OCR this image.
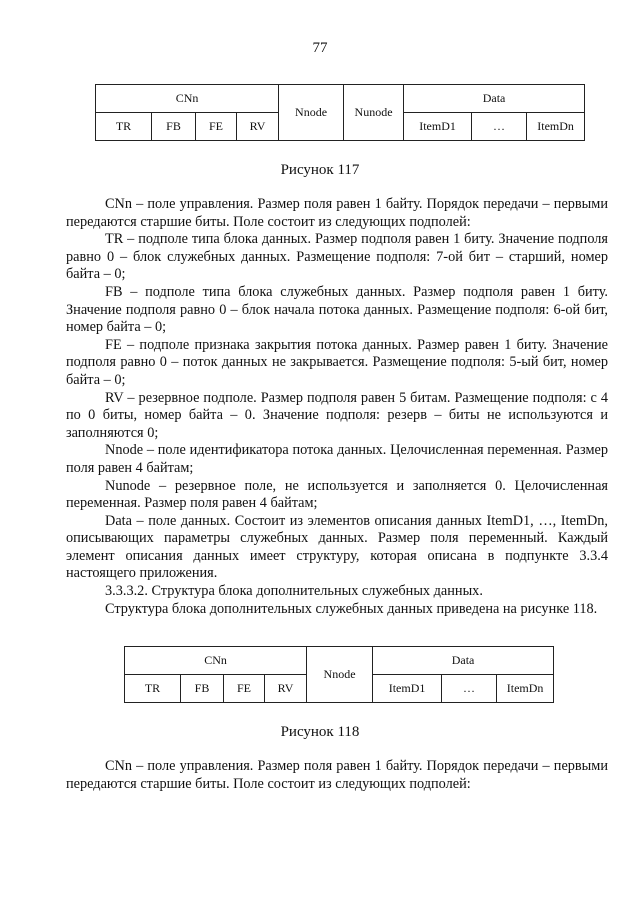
77
CNn				Nnode	Nunode	Data		
TR	FB	FE	RV			ItemD1	…	ItemDn
Рисунок 117

CNn – поле управления. Размер поля равен 1 байту. Порядок передачи – первыми передаются старшие биты. Поле состоит из следующих подполей:

TR – подполе типа блока данных. Размер подполя равен 1 биту. Значение подполя равно 0 – блок служебных данных. Размещение подполя: 7-ой бит – старший, номер байта – 0;

FB – подполе типа блока служебных данных. Размер подполя равен 1 биту. Значение подполя равно 0 – блок начала потока данных. Размещение подполя: 6-ой бит, номер байта – 0;

FE – подполе признака закрытия потока данных. Размер равен 1 биту. Значение подполя равно 0 – поток данных не закрывается. Размещение подполя: 5-ый бит, номер байта – 0;

RV – резервное подполе. Размер подполя равен 5 битам. Размещение подполя: с 4 по 0 биты, номер байта – 0. Значение подполя: резерв – биты не используются и заполняются 0;

Nnode – поле идентификатора потока данных. Целочисленная переменная. Размер поля равен 4 байтам;

Nunode – резервное поле, не используется и заполняется 0. Целочисленная переменная. Размер поля равен 4 байтам;

Data – поле данных. Состоит из элементов описания данных ItemD1, …, ItemDn, описывающих параметры служебных данных. Размер поля переменный. Каждый элемент описания данных имеет структуру, которая описана в подпункте 3.3.4 настоящего приложения.

3.3.3.2. Структура блока дополнительных служебных данных.

Структура блока дополнительных служебных данных приведена на рисунке 118.

CNn				Nnode	Data		
TR	FB	FE	RV		ItemD1	…	ItemDn
Рисунок 118

CNn – поле управления. Размер поля равен 1 байту. Порядок передачи – первыми передаются старшие биты. Поле состоит из следующих подполей:
